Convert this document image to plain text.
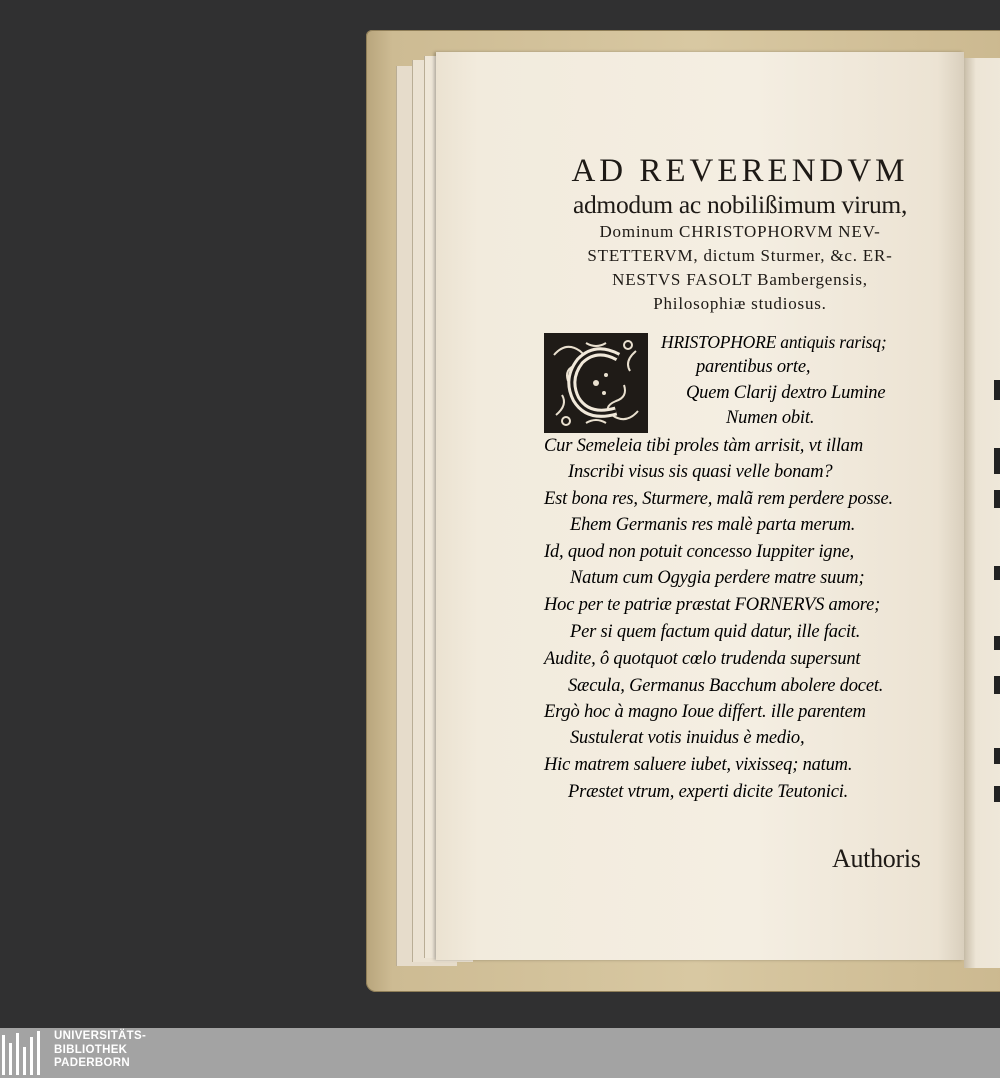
AD REVERENDVM
admodum ac nobilißimum virum,
Dominum CHRISTOPHORVM NEV-
STETTERVM, dictum Sturmer, &c. ER-
NESTVS FASOLT Bambergensis,
Philosophiæ studiosus.
HRISTOPHORE antiquis rarisq;
parentibus orte,
Quem Clarij dextro Lumine
Numen obit.
Cur Semeleia tibi proles tàm arrisit, vt illam
Inscribi visus sis quasi velle bonam?
Est bona res, Sturmere, malã rem perdere posse.
Ehem Germanis res malè parta merum.
Id, quod non potuit concesso Iuppiter igne,
Natum cum Ogygia perdere matre suum;
Hoc per te patriæ præstat FORNERVS amore;
Per si quem factum quid datur, ille facit.
Audite, ô quotquot cœlo trudenda supersunt
Sæcula, Germanus Bacchum abolere docet.
Ergò hoc à magno Ioue differt. ille parentem
Sustulerat votis inuidus è medio,
Hic matrem saluere iubet, vixisseq; natum.
Præstet vtrum, experti dicite Teutonici.
Authoris
UNIVERSITÄTS-
BIBLIOTHEK
PADERBORN
